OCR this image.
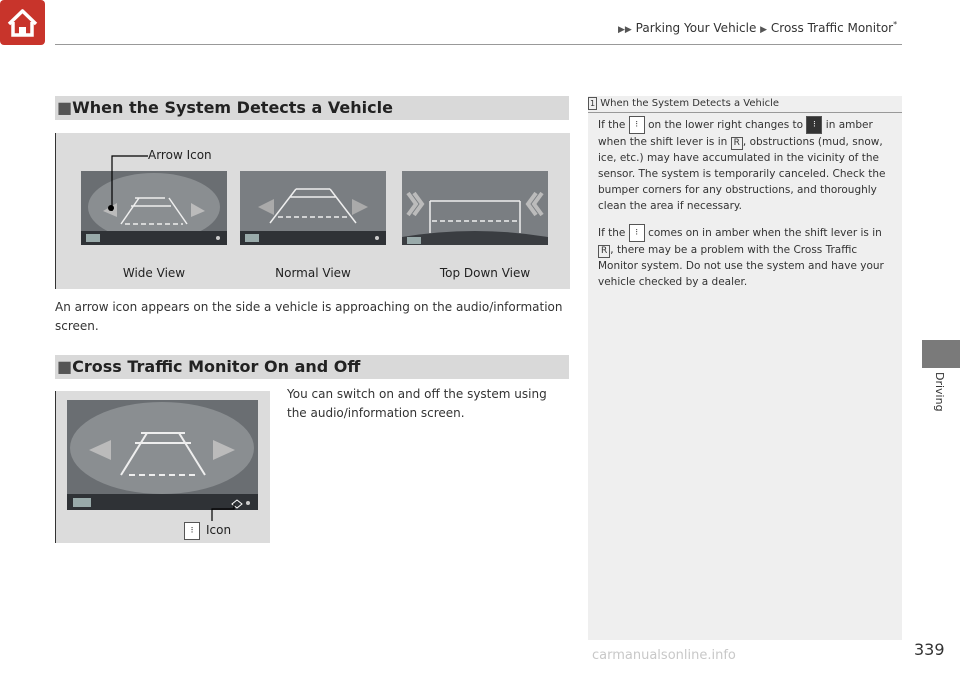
▶▶ Parking Your Vehicle ▶ Cross Traffic Monitor*
Driving
■When the System Detects a Vehicle
Arrow Icon
Wide View	Normal View	Top Down View
An arrow icon appears on the side a vehicle is approaching on the audio/information screen.
■Cross Traffic Monitor On and Off
⁝	Icon
You can switch on and off the system using
the audio/information screen.
1 When the System Detects a Vehicle
If the ⁝ on the lower right changes to ⁝ in amber when the shift lever is in R , obstructions (mud, snow, ice, etc.) may have accumulated in the vicinity of the sensor. The system is temporarily canceled. Check the bumper corners for any obstructions, and thoroughly clean the area if necessary.
If the ⁝ comes on in amber when the shift lever is in R , there may be a problem with the Cross Traffic Monitor system. Do not use the system and have your vehicle checked by a dealer.
339
carmanualsonline.info
